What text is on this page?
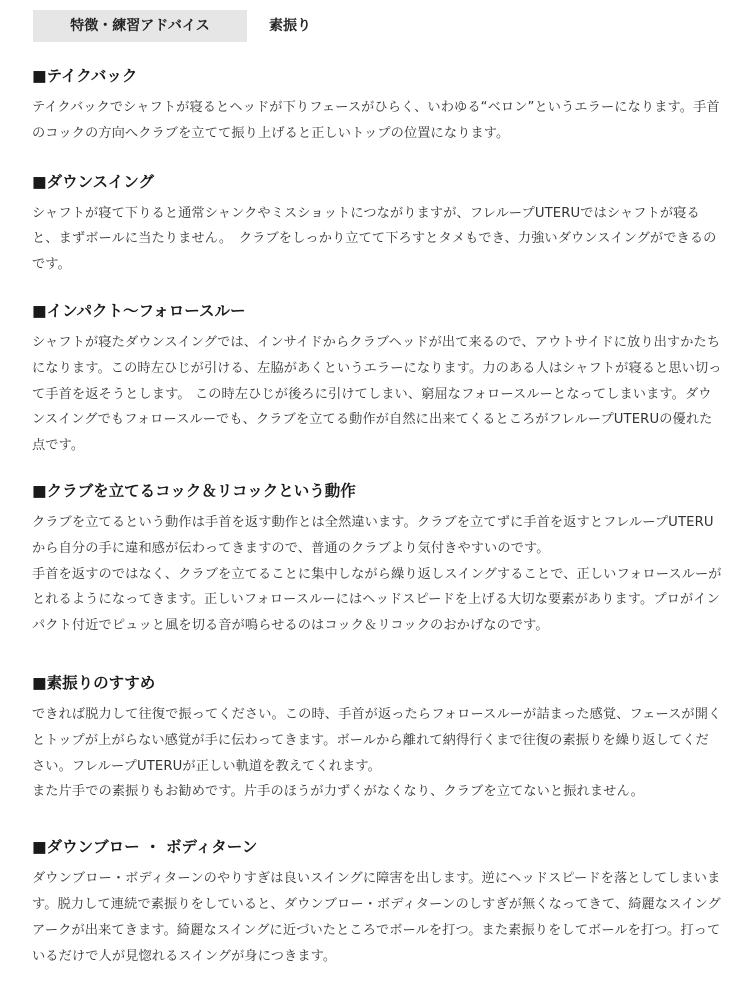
特徴・練習アドバイス	素振り
■テイクバック

テイクバックでシャフトが寝るとヘッドが下りフェースがひらく、いわゆる“ベロン”というエラーになります。手首のコックの方向へクラブを立てて振り上げると正しいトップの位置になります。

■ダウンスイング

シャフトが寝て下りると通常シャンクやミスショットにつながりますが、フレループUTERUではシャフトが寝ると、まずボールに当たりません。　クラブをしっかり立てて下ろすとタメもでき、力強いダウンスイングができるのです。

■インパクト〜フォロースルー

シャフトが寝たダウンスイングでは、インサイドからクラブヘッドが出て来るので、アウトサイドに放り出すかたちになります。この時左ひじが引ける、左脇があくというエラーになります。力のある人はシャフトが寝ると思い切って手首を返そうとします。 この時左ひじが後ろに引けてしまい、窮屈なフォロースルーとなってしまいます。ダウンスイングでもフォロースルーでも、クラブを立てる動作が自然に出来てくるところがフレループUTERUの優れた点です。

■クラブを立てるコック＆リコックという動作

クラブを立てるという動作は手首を返す動作とは全然違います。クラブを立てずに手首を返すとフレループUTERUから自分の手に違和感が伝わってきますので、普通のクラブより気付きやすいのです。

手首を返すのではなく、クラブを立てることに集中しながら繰り返しスイングすることで、正しいフォロースルーがとれるようになってきます。正しいフォロースルーにはヘッドスピードを上げる大切な要素があります。プロがインパクト付近でピュッと風を切る音が鳴らせるのはコック＆リコックのおかげなのです。

■素振りのすすめ

できれば脱力して往復で振ってください。この時、手首が返ったらフォロースルーが詰まった感覚、フェースが開くとトップが上がらない感覚が手に伝わってきます。ボールから離れて納得行くまで往復の素振りを繰り返してください。フレループUTERUが正しい軌道を教えてくれます。

また片手での素振りもお勧めです。片手のほうが力ずくがなくなり、クラブを立てないと振れません。

■ダウンブロー ・ ボディターン

ダウンブロー・ボディターンのやりすぎは良いスイングに障害を出します。逆にヘッドスピードを落としてしまいます。脱力して連続で素振りをしていると、ダウンブロー・ボディターンのしすぎが無くなってきて、綺麗なスイングアークが出来てきます。綺麗なスイングに近づいたところでボールを打つ。また素振りをしてボールを打つ。打っているだけで人が見惚れるスイングが身につきます。
